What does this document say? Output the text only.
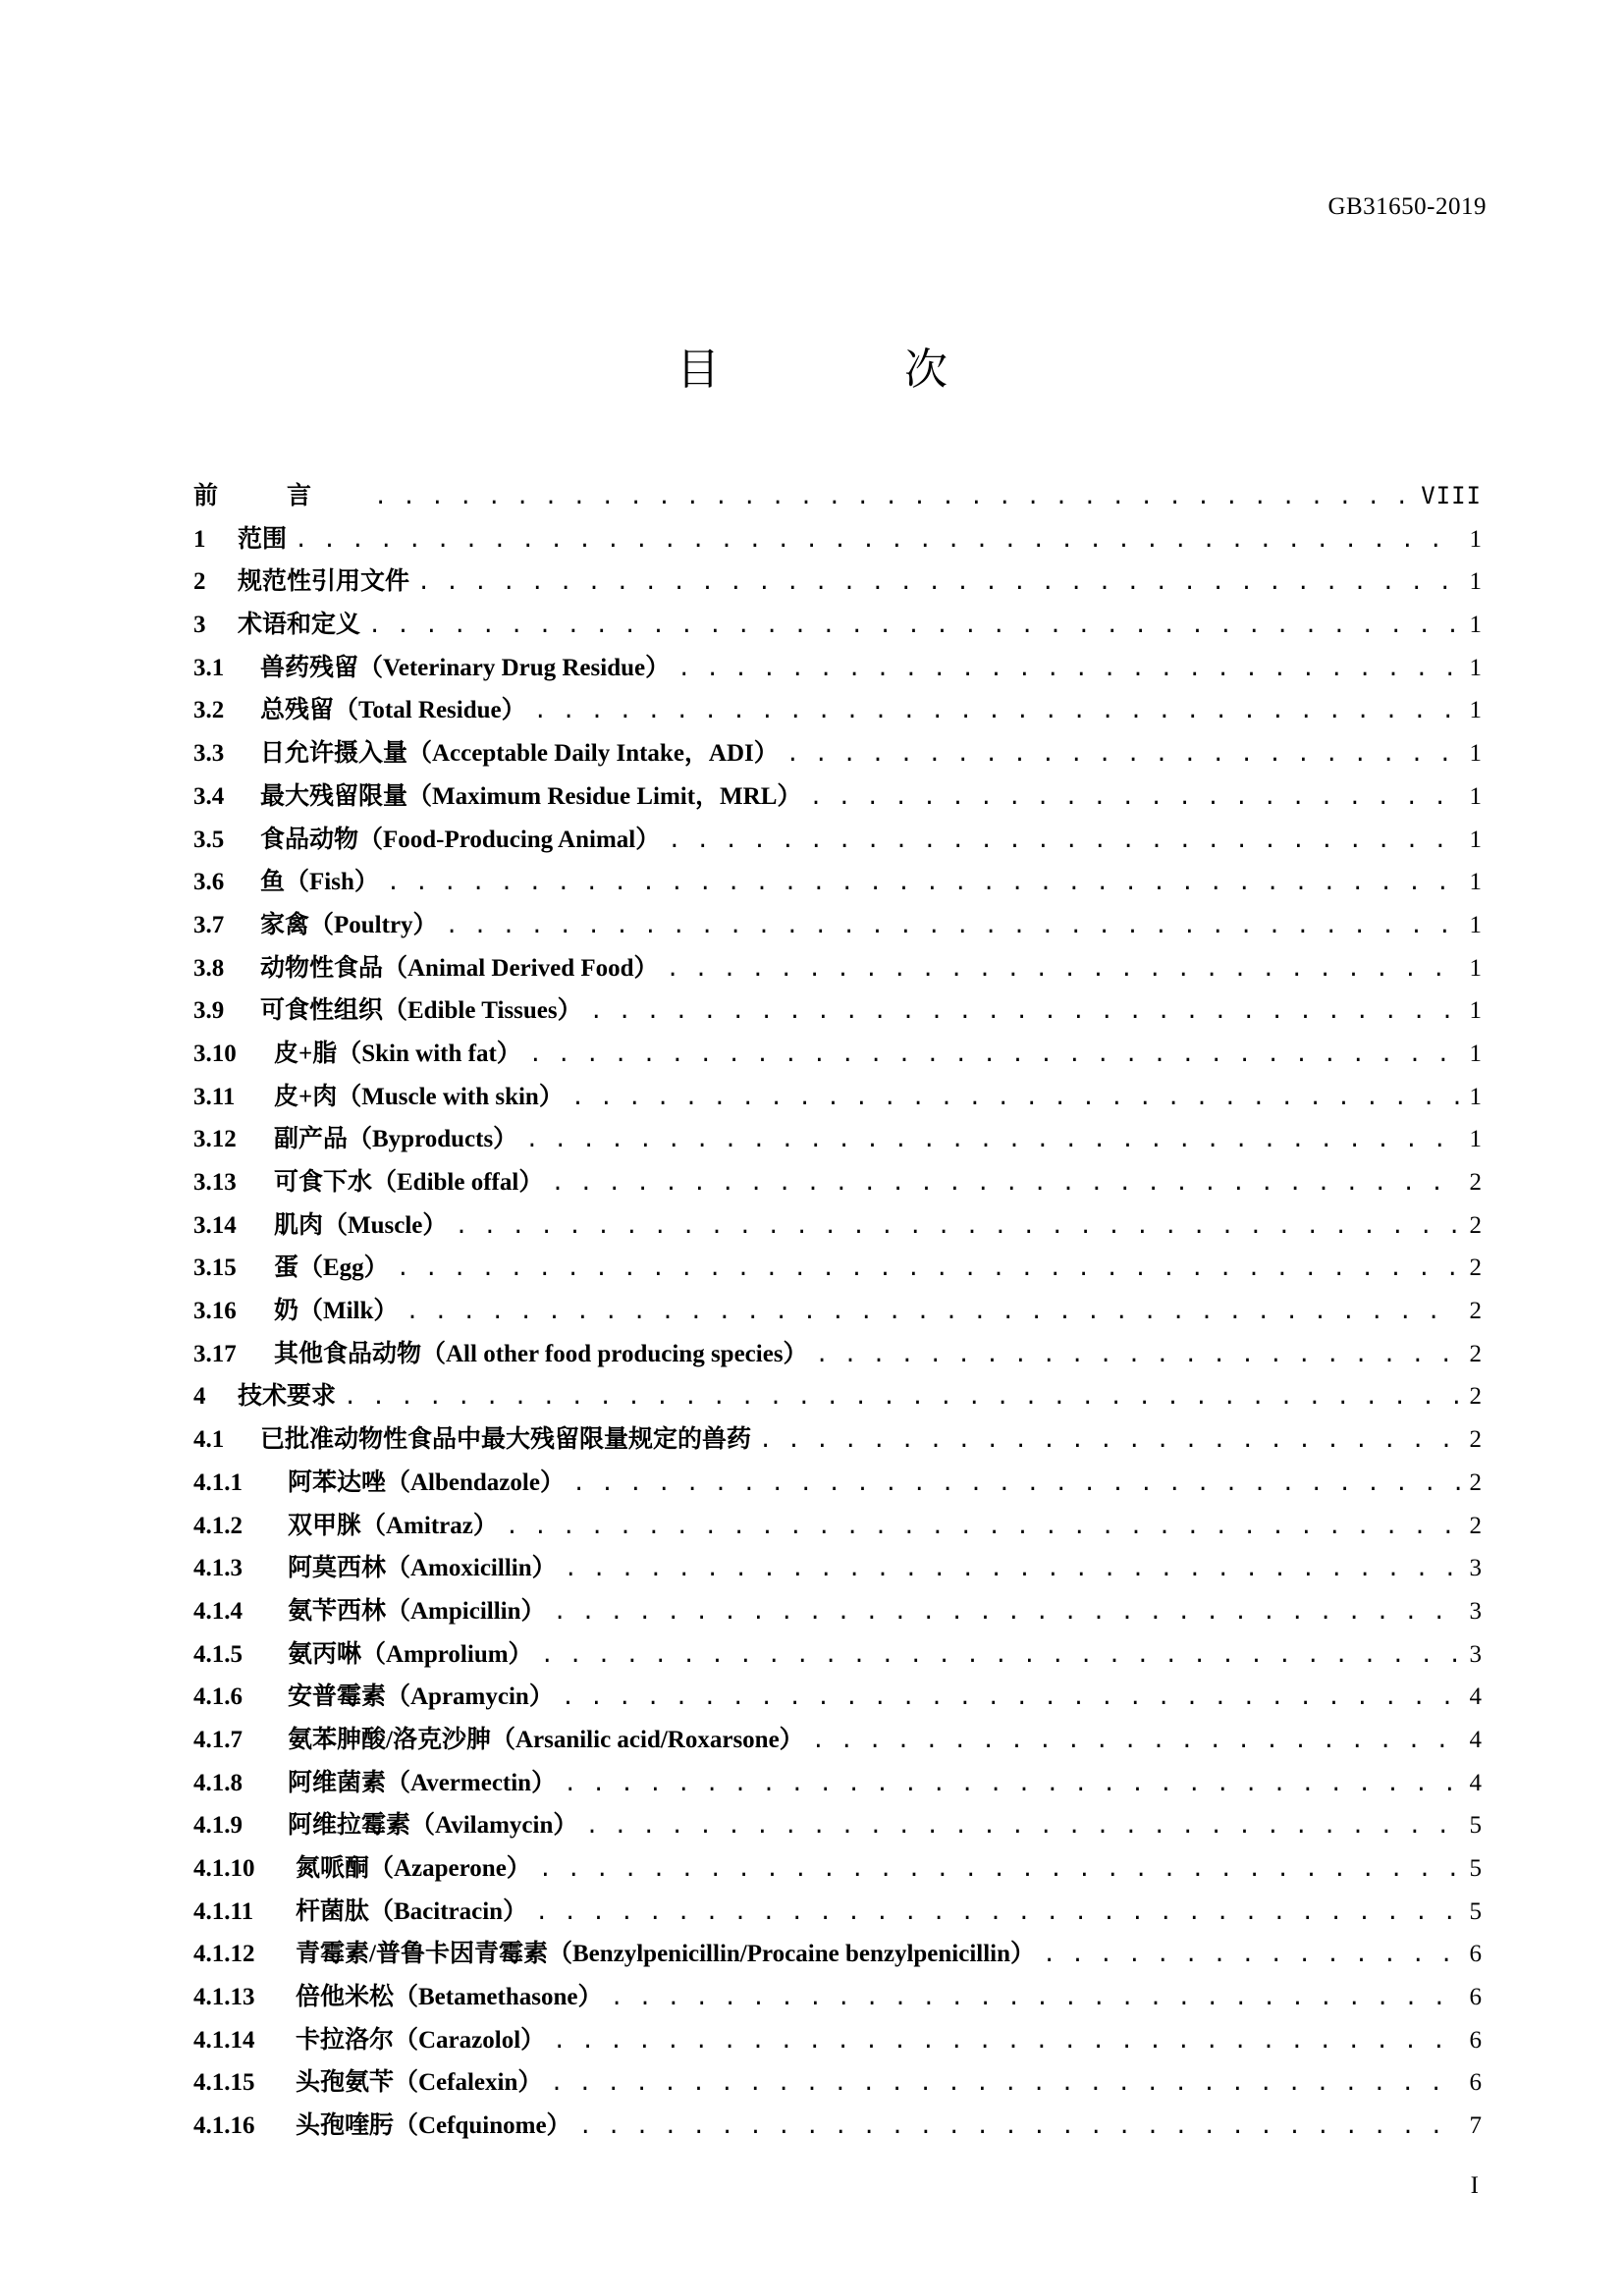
GB31650-2019
目　次
前	言 . . .	VIII
1	范围 . . .	1
2	规范性引用文件 . . .	1
3	术语和定义 . . .	1
3.1	兽药残留（Veterinary Drug Residue） . . .	1
3.2	总残留（Total Residue） . . .	1
3.3	日允许摄入量（Acceptable Daily Intake，ADI） . . .	1
3.4	最大残留限量（Maximum Residue Limit，MRL） . . .	1
3.5	食品动物（Food-Producing Animal） . . .	1
3.6	鱼（Fish） . . .	1
3.7	家禽（Poultry） . . .	1
3.8	动物性食品（Animal Derived Food） . . .	1
3.9	可食性组织（Edible Tissues） . . .	1
3.10	皮+脂（Skin with fat） . . .	1
3.11	皮+肉（Muscle with skin） . . .	1
3.12	副产品（Byproducts） . . .	1
3.13	可食下水（Edible offal） . . .	2
3.14	肌肉（Muscle） . . .	2
3.15	蛋（Egg） . . .	2
3.16	奶（Milk） . . .	2
3.17	其他食品动物（All other food producing species） . . .	2
4	技术要求 . . .	2
4.1	已批准动物性食品中最大残留限量规定的兽药 . . .	2
4.1.1	阿苯达唑（Albendazole） . . .	2
4.1.2	双甲脒（Amitraz） . . .	2
4.1.3	阿莫西林（Amoxicillin） . . .	3
4.1.4	氨苄西林（Ampicillin） . . .	3
4.1.5	氨丙啉（Amprolium） . . .	3
4.1.6	安普霉素（Apramycin） . . .	4
4.1.7	氨苯胂酸/洛克沙胂（Arsanilic acid/Roxarsone） . . .	4
4.1.8	阿维菌素（Avermectin） . . .	4
4.1.9	阿维拉霉素（Avilamycin） . . .	5
4.1.10	氮哌酮（Azaperone） . . .	5
4.1.11	杆菌肽（Bacitracin） . . .	5
4.1.12	青霉素/普鲁卡因青霉素（Benzylpenicillin/Procaine benzylpenicillin） . . .	6
4.1.13	倍他米松（Betamethasone） . . .	6
4.1.14	卡拉洛尔（Carazolol） . . .	6
4.1.15	头孢氨苄（Cefalexin） . . .	6
4.1.16	头孢喹肟（Cefquinome） . . .	7
I
